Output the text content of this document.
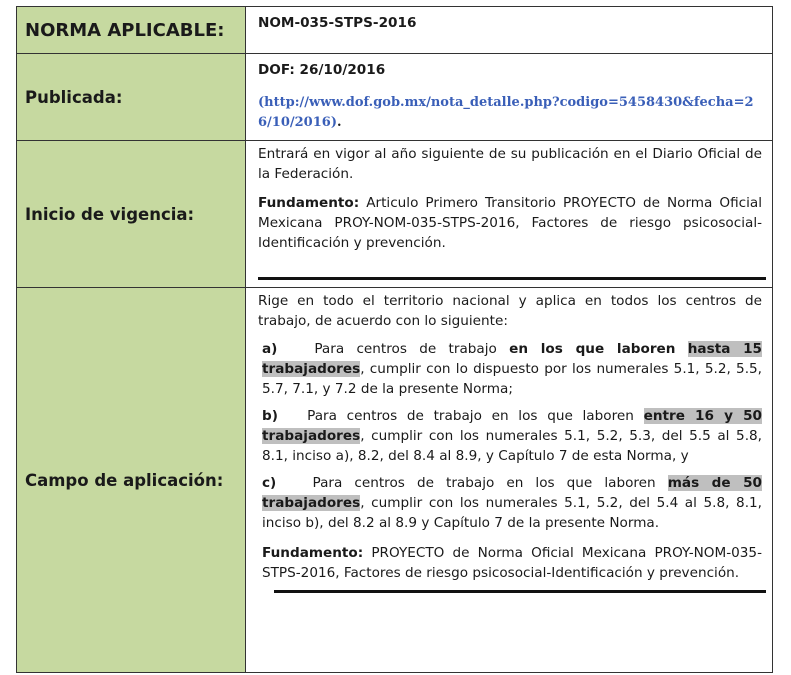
NORMA APLICABLE:	NOM-035-STPS-2016

Publicada:	DOF: 26/10/2016
(http://www.dof.gob.mx/nota_detalle.php?codigo=5458430&fecha=26/10/2016).

Inicio de vigencia:	Entrará en vigor al año siguiente de su publicación en el Diario Oficial de la Federación.
Fundamento: Articulo Primero Transitorio PROYECTO de Norma Oficial Mexicana PROY-NOM-035-STPS-2016, Factores de riesgo psicosocial-Identificación y prevención.

Campo de aplicación:	Rige en todo el territorio nacional y aplica en todos los centros de trabajo, de acuerdo con lo siguiente:
a) Para centros de trabajo en los que laboren hasta 15 trabajadores, cumplir con lo dispuesto por los numerales 5.1, 5.2, 5.5, 5.7, 7.1, y 7.2 de la presente Norma;
b) Para centros de trabajo en los que laboren entre 16 y 50 trabajadores, cumplir con los numerales 5.1, 5.2, 5.3, del 5.5 al 5.8, 8.1, inciso a), 8.2, del 8.4 al 8.9, y Capítulo 7 de esta Norma, y
c) Para centros de trabajo en los que laboren más de 50 trabajadores, cumplir con los numerales 5.1, 5.2, del 5.4 al 5.8, 8.1, inciso b), del 8.2 al 8.9 y Capítulo 7 de la presente Norma.
Fundamento: PROYECTO de Norma Oficial Mexicana PROY-NOM-035-STPS-2016, Factores de riesgo psicosocial-Identificación y prevención.
